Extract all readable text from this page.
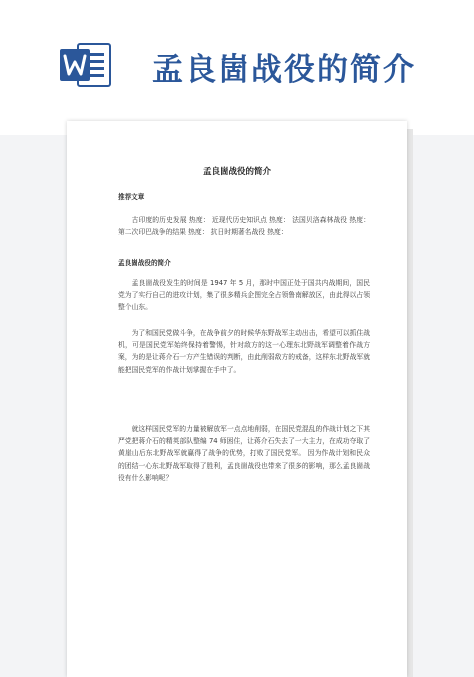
孟良崮战役的简介
孟良崮战役的简介
推荐文章
古印度的历史发展 热度： 近现代历史知识点 热度： 法国贝洛森林战役 热度： 第二次印巴战争的结果 热度： 抗日时期著名战役 热度：
孟良崮战役的简介
孟良崮战役发生的时间是 1947 年 5 月，那时中国正处于国共内战期间，国民党为了实行自己的进攻计划，集了很多精兵企图完全占领鲁南解放区，由此得以占领整个山东。
为了和国民党做斗争，在战争前夕的时候华东野战军主动出击，希望可以抓住战机，可是国民党军始终保持着警惕，针对敌方的这一心理东北野战军调整着作战方案，为的是让蒋介石一方产生错误的判断，由此削弱敌方的戒备，这样东北野战军就能把国民党军的作战计划掌握在手中了。
就这样国民党军的力量被解放军一点点地削弱，在国民党混乱的作战计划之下其严党把蒋介石的精英部队整编 74 师困住，让蒋介石失去了一大主力，在成功夺取了黄崖山后东北野战军就赢得了战争的优势，打败了国民党军。 因为作战计划和民众的团结一心东北野战军取得了胜利，孟良崮战役也带来了很多的影响，那么孟良崮战役有什么影响呢？
